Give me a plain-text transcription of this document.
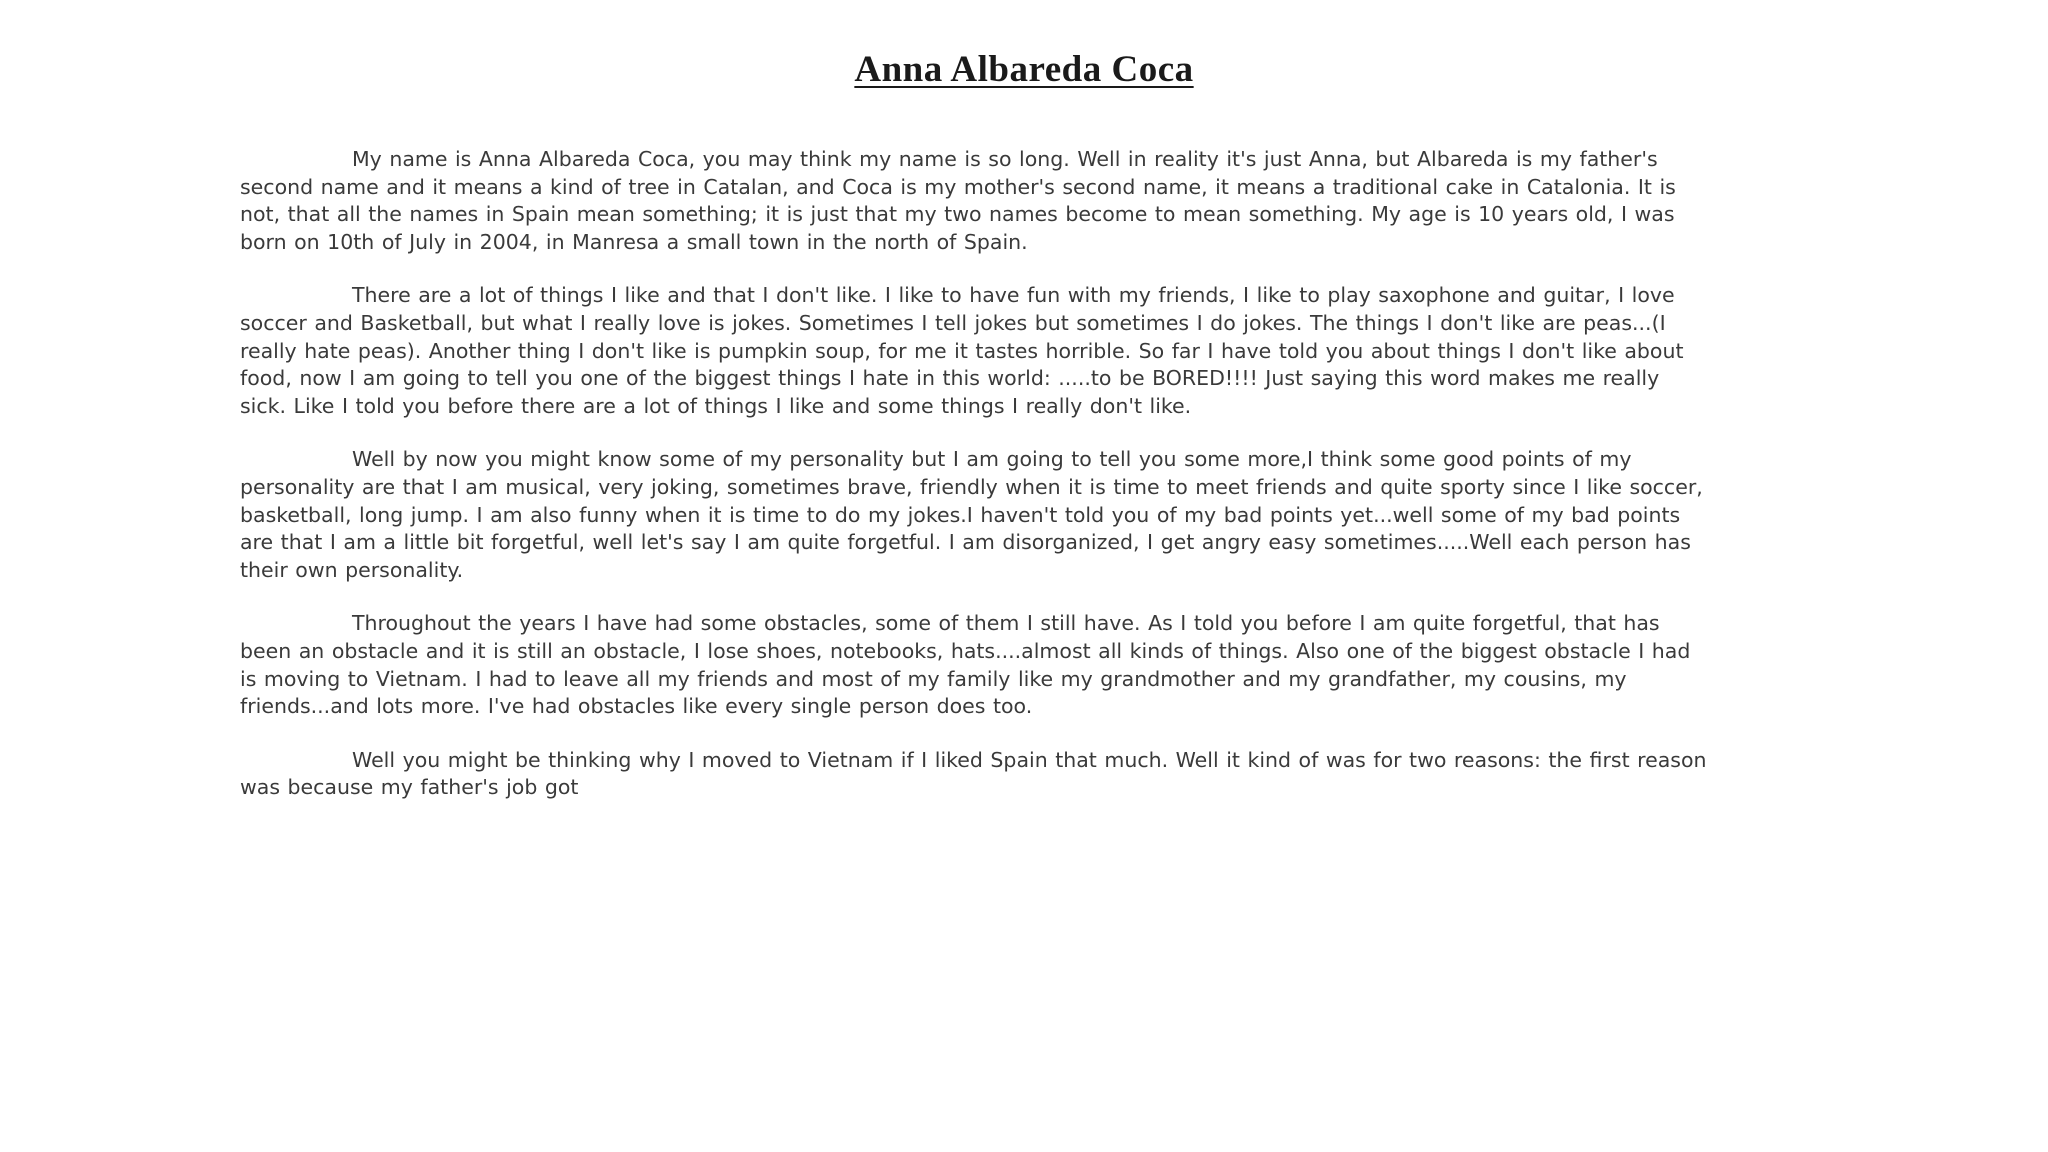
Anna Albareda Coca

My name is Anna Albareda Coca, you may think my name is so long. Well in reality it's just Anna, but Albareda is my father's second name and it means a kind of tree in Catalan, and Coca is my mother's second name, it means a traditional cake in Catalonia. It is not, that all the names in Spain mean something; it is just that my two names become to mean something. My age is 10 years old, I was born on 10th of July in 2004, in Manresa a small town in the north of Spain.

There are a lot of things I like and that I don't like. I like to have fun with my friends, I like to play saxophone and guitar, I love soccer and Basketball, but what I really love is jokes. Sometimes I tell jokes but sometimes I do jokes. The things I don't like are peas...(I really hate peas). Another thing I don't like is pumpkin soup, for me it tastes horrible. So far I have told you about things I don't like about food, now I am going to tell you one of the biggest things I hate in this world: .....to be BORED!!!! Just saying this word makes me really sick. Like I told you before there are a lot of things I like and some things I really don't like.

Well by now you might know some of my personality but I am going to tell you some more,I think some good points of my personality are that I am musical, very joking, sometimes brave, friendly when it is time to meet friends and quite sporty since I like soccer, basketball, long jump. I am also funny when it is time to do my jokes.I haven't told you of my bad points yet...well some of my bad points are that I am a little bit forgetful, well let's say I am quite forgetful. I am disorganized, I get angry easy sometimes.....Well each person has their own personality.

Throughout the years I have had some obstacles, some of them I still have. As I told you before I am quite forgetful, that has been an obstacle and it is still an obstacle, I lose shoes, notebooks, hats....almost all kinds of things. Also one of the biggest obstacle I had is moving to Vietnam. I had to leave all my friends and most of my family like my grandmother and my grandfather, my cousins, my friends...and lots more. I've had obstacles like every single person does too.

Well you might be thinking why I moved to Vietnam if I liked Spain that much. Well it kind of was for two reasons: the first reason was because my father's job got
